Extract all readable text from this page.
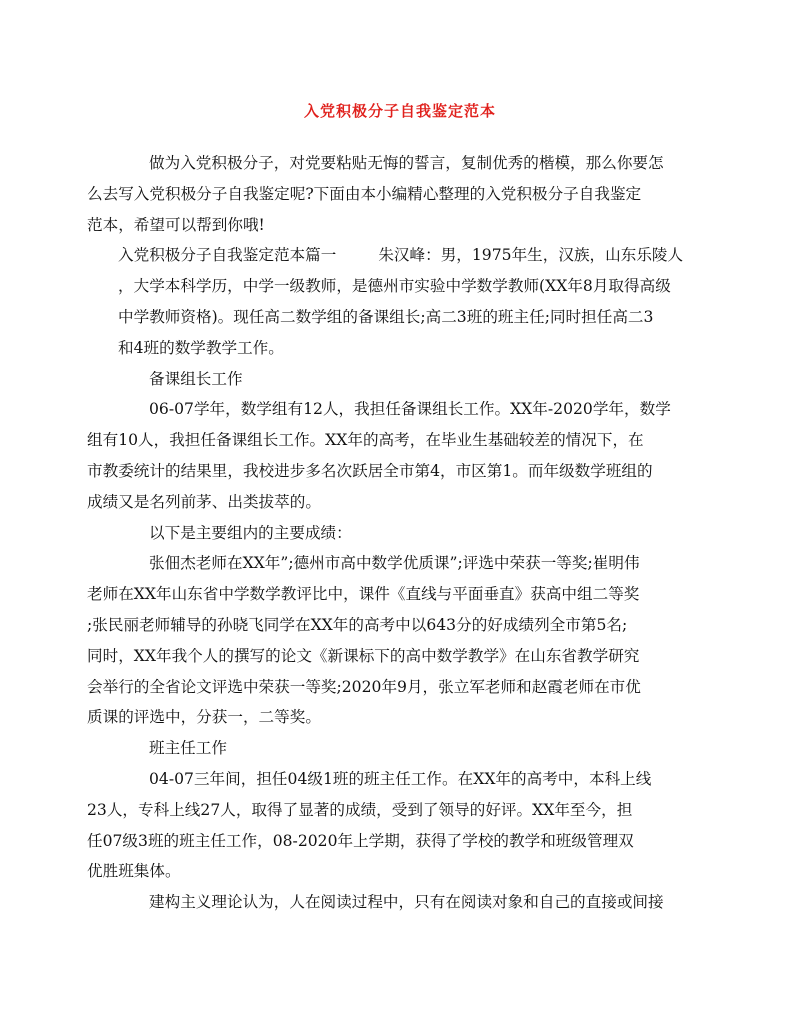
入党积极分子自我鉴定范本

做为入党积极分子，对党要粘贴无悔的誓言，复制优秀的楷模，那么你要怎
么去写入党积极分子自我鉴定呢?下面由本小编精心整理的入党积极分子自我鉴定
范本，希望可以帮到你哦!

入党积极分子自我鉴定范本篇一	朱汉峰：男，1975年生，汉族，山东乐陵人
，大学本科学历，中学一级教师，是德州市实验中学数学教师(XX年8月取得高级
中学教师资格)。现任高二数学组的备课组长;高二3班的班主任;同时担任高二3
和4班的数学教学工作。

备课组长工作

06-07学年，数学组有12人，我担任备课组长工作。XX年-2020学年，数学
组有10人，我担任备课组长工作。XX年的高考，在毕业生基础较差的情况下，在
市教委统计的结果里，我校进步多名次跃居全市第4，市区第1。而年级数学班组的
成绩又是名列前茅、出类拔萃的。

以下是主要组内的主要成绩：

张佃杰老师在XX年”;德州市高中数学优质课”;评选中荣获一等奖;崔明伟
老师在XX年山东省中学数学教评比中，课件《直线与平面垂直》获高中组二等奖
;张民丽老师辅导的孙晓飞同学在XX年的高考中以643分的好成绩列全市第5名;
同时，XX年我个人的撰写的论文《新课标下的高中数学教学》在山东省教学研究
会举行的全省论文评选中荣获一等奖;2020年9月，张立军老师和赵霞老师在市优
质课的评选中，分获一，二等奖。

班主任工作

04-07三年间，担任04级1班的班主任工作。在XX年的高考中，本科上线
23人，专科上线27人，取得了显著的成绩，受到了领导的好评。XX年至今，担
任07级3班的班主任工作，08-2020年上学期，获得了学校的教学和班级管理双
优胜班集体。

建构主义理论认为，人在阅读过程中，只有在阅读对象和自己的直接或间接
